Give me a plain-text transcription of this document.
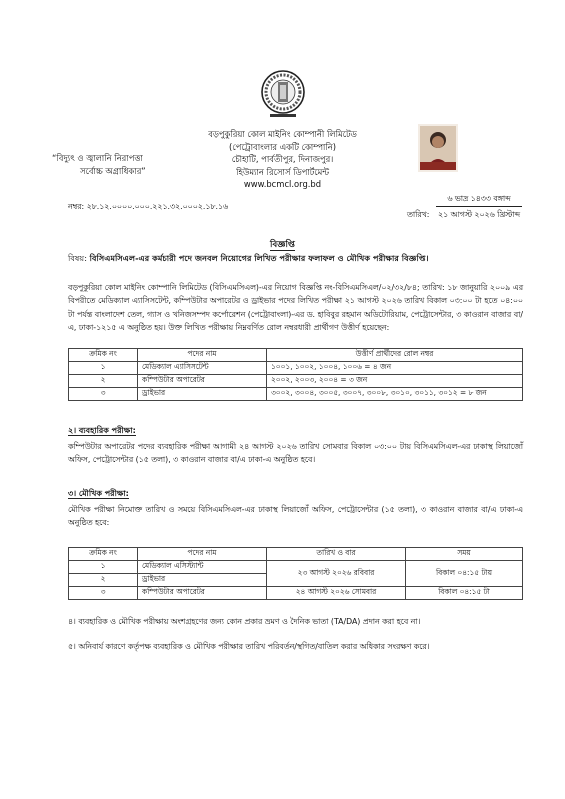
বড়পুকুরিয়া কোল মাইনিং কোম্পানী লিমিটেড
(পেট্রোবাংলার একটি কোম্পানি)
চৌহাটি, পার্বতীপুর, দিনাজপুর।
হিউম্যান রিসোর্স ডিপার্টমেন্ট
www.bcmcl.org.bd
“বিদ্যুৎ ও জ্বালানি নিরাপত্তা
সর্বোচ্চ অগ্রাধিকার”
নম্বর: ২৮.১২.০০০০.০০০.২২১.৩২.০০০২.১৮.১৬
৬ ভাদ্র ১৪৩৩ বঙ্গাব্দ
তারিখ:	২১ আগস্ট ২০২৬ খ্রিস্টাব্দ
বিজ্ঞপ্তি
বিষয়: বিসিএমসিএল-এর কর্মচারী পদে জনবল নিয়োগের লিখিত পরীক্ষার ফলাফল ও মৌখিক পরীক্ষার বিজ্ঞপ্তি।
বড়পুকুরিয়া কোল মাইনিং কোম্পানি লিমিটেড (বিসিএমসিএল)-এর নিয়োগ বিজ্ঞপ্তি নং-বিসিএমসিএল/০২/৩২/৮৪; তারিখ: ১৮ জানুয়ারি ২০০৯ এর বিপরীতে মেডিক্যাল এ্যাসিসটেন্ট, কম্পিউটার অপারেটর ও ড্রাইভার পদের লিখিত পরীক্ষা ২১ আগস্ট ২০২৬ তারিখ বিকাল ০৩:০০ টা হতে ০৪:০০ টা পর্যন্ত বাংলাদেশ তেল, গ্যাস ও খনিজসম্পদ কর্পোরেশন (পেট্রোবাংলা)-এর ড. হাবিবুর রহমান অডিটোরিয়াম, পেট্রোসেন্টার, ৩ কাওরান বাজার বা/এ, ঢাকা-১২১৫ এ অনুষ্ঠিত হয়। উক্ত লিখিত পরীক্ষায় নিম্নবর্ণিত রোল নম্বরধারী প্রার্থীগণ উত্তীর্ণ হয়েছেন:
ক্রমিক নং	পদের নাম	উত্তীর্ণ প্রার্থীদের রোল নম্বর
১	মেডিক্যাল এ্যাসিসটেন্ট	১০০১, ১০০২, ১০০৪, ১০০৬ = ৪ জন
২	কম্পিউটার অপারেটর	২০০২, ২০০৩, ২০০৪ = ৩ জন
৩	ড্রাইভার	৩০০২, ৩০০৪, ৩০০৫, ৩০০৭, ৩০০৮, ৩০১০, ৩০১১, ৩০১২ = ৮ জন
২। ব্যবহারিক পরীক্ষা:
কম্পিউটার অপারেটর পদের ব্যবহারিক পরীক্ষা আগামী ২৪ আগস্ট ২০২৬ তারিখ সোমবার বিকাল ০৩:০০ টায় বিসিএমসিএল-এর ঢাকাস্থ লিয়াজোঁ অফিস, পেট্রোসেন্টার (১৫ তলা), ৩ কাওরান বাজার বা/এ ঢাকা-এ অনুষ্ঠিত হবে।
৩। মৌখিক পরীক্ষা:
মৌখিক পরীক্ষা নিমোক্ত তারিখ ও সময়ে বিসিএমসিএল-এর ঢাকাস্থ লিয়াজোঁ অফিস, পেট্রোসেন্টার (১৫ তলা), ৩ কাওরান বাজার বা/এ ঢাকা-এ অনুষ্ঠিত হবে:
ক্রমিক নং	পদের নাম	তারিখ ও বার	সময়
১	মেডিক্যাল এসিস্ট্যান্ট	২৩ আগস্ট ২০২৬ রবিবার	বিকাল ০৪:১৫ টায়
২	ড্রাইভার		
৩	কম্পিউটার অপারেটর	২৪ আগস্ট ২০২৬ সোমবার	বিকাল ০৪:১৫ টা
৪। ব্যবহারিক ও মৌখিক পরীক্ষায় অংশগ্রহণের জন্য কোন প্রকার ভ্রমণ ও দৈনিক ভাতা (TA/DA) প্রদান করা হবে না।
৫। অনিবার্য কারণে কর্তৃপক্ষ ব্যবহারিক ও মৌখিক পরীক্ষার তারিখ পরিবর্তন/স্থগিত/বাতিল করার অধিকার সংরক্ষণ করে।
